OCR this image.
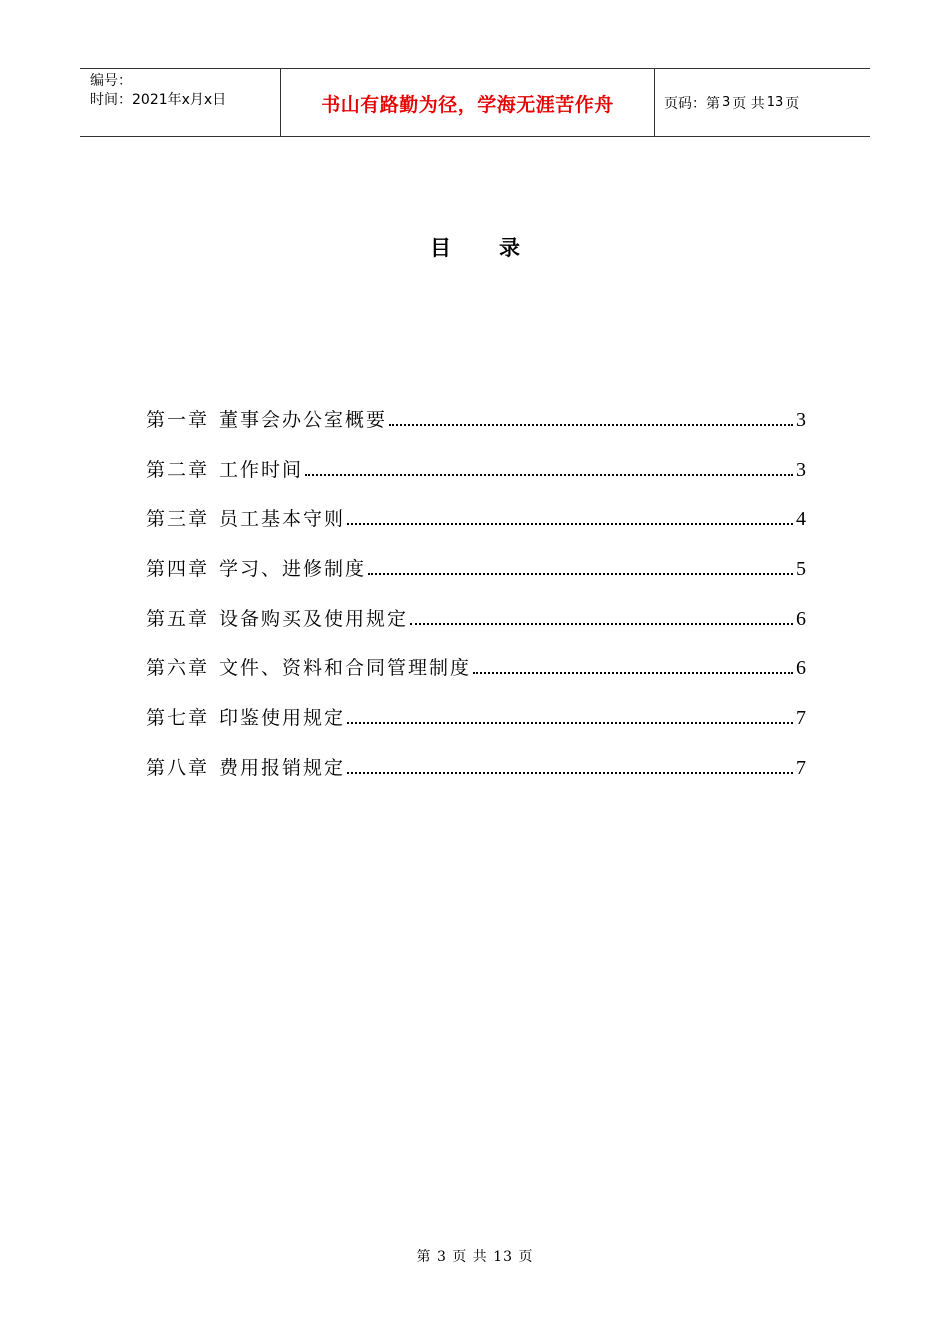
编号：
时间：2021年x月x日	书山有路勤为径，学海无涯苦作舟	页码：第 3 页 共 13 页
目 录
第一章 董事会办公室概要	3
第二章 工作时间	3
第三章 员工基本守则	4
第四章 学习、进修制度	5
第五章 设备购买及使用规定	6
第六章 文件、资料和合同管理制度	6
第七章 印鉴使用规定	7
第八章 费用报销规定	7
第 3 页 共 13 页
